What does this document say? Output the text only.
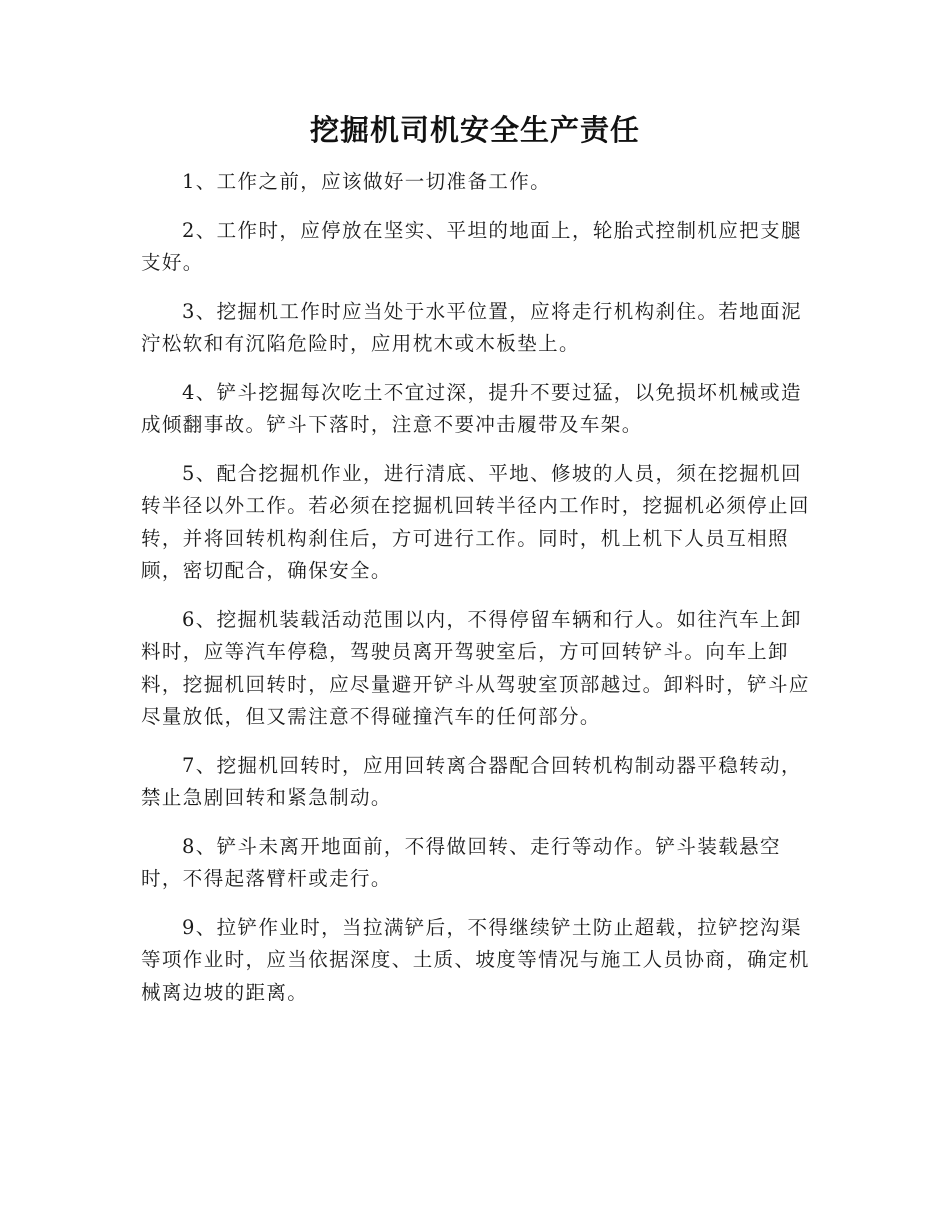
挖掘机司机安全生产责任

1、工作之前，应该做好一切准备工作。

2、工作时，应停放在坚实、平坦的地面上，轮胎式控制机应把支腿支好。

3、挖掘机工作时应当处于水平位置，应将走行机构刹住。若地面泥泞松软和有沉陷危险时，应用枕木或木板垫上。

4、铲斗挖掘每次吃土不宜过深，提升不要过猛，以免损坏机械或造成倾翻事故。铲斗下落时，注意不要冲击履带及车架。

5、配合挖掘机作业，进行清底、平地、修坡的人员，须在挖掘机回转半径以外工作。若必须在挖掘机回转半径内工作时，挖掘机必须停止回转，并将回转机构刹住后，方可进行工作。同时，机上机下人员互相照顾，密切配合，确保安全。

6、挖掘机装载活动范围以内，不得停留车辆和行人。如往汽车上卸料时，应等汽车停稳，驾驶员离开驾驶室后，方可回转铲斗。向车上卸料，挖掘机回转时，应尽量避开铲斗从驾驶室顶部越过。卸料时，铲斗应尽量放低，但又需注意不得碰撞汽车的任何部分。

7、挖掘机回转时，应用回转离合器配合回转机构制动器平稳转动，禁止急剧回转和紧急制动。

8、铲斗未离开地面前，不得做回转、走行等动作。铲斗装载悬空时，不得起落臂杆或走行。

9、拉铲作业时，当拉满铲后，不得继续铲土防止超载，拉铲挖沟渠等项作业时，应当依据深度、土质、坡度等情况与施工人员协商，确定机械离边坡的距离。
